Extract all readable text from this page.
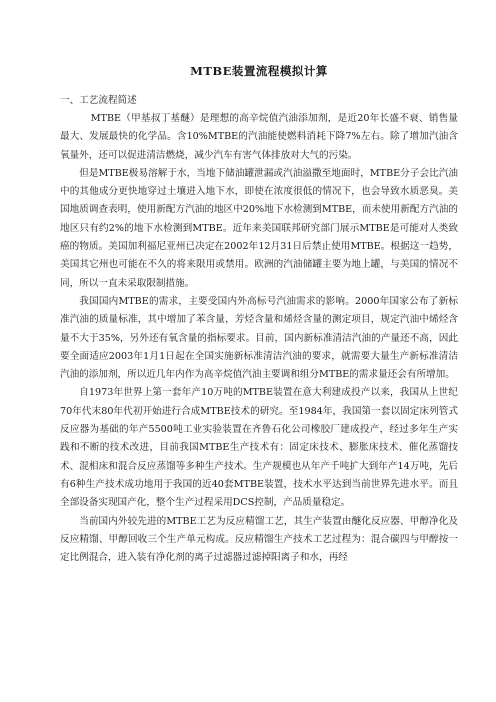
MTBE装置流程模拟计算

一、工艺流程简述

MTBE（甲基叔丁基醚）是理想的高辛烷值汽油添加剂，是近20年长盛不衰、销售量最大、发展最快的化学品。含10%MTBE的汽油能使燃料消耗下降7%左右。除了增加汽油含氧量外，还可以促进清洁燃烧，减少汽车有害气体排放对大气的污染。

但是MTBE极易溶解于水，当地下储油罐泄漏或汽油溢撒至地面时，MTBE分子会比汽油中的其他成分更快地穿过土壤进入地下水，即使在浓度很低的情况下，也会导致水质恶臭。美国地质调查表明，使用新配方汽油的地区中20%地下水检测到MTBE，而未使用新配方汽油的地区只有约2%的地下水检测到MTBE。近年来美国联邦研究部门展示MTBE是可能对人类致癌的物质。美国加利福尼亚州已决定在2002年12月31日后禁止使用MTBE。根据这一趋势，美国其它州也可能在不久的将来限用或禁用。欧洲的汽油储罐主要为地上罐，与美国的情况不同，所以一直未采取限制措施。

我国国内MTBE的需求，主要受国内外高标号汽油需求的影响。2000年国家公布了新标准汽油的质量标准，其中增加了苯含量，芳烃含量和烯烃含量的测定项目，规定汽油中烯烃含量不大于35%，另外还有氧含量的指标要求。目前，国内新标准清洁汽油的产量还不高，因此要全面适应2003年1月1日起在全国实施新标准清洁汽油的要求，就需要大量生产新标准清洁汽油的添加剂，所以近几年内作为高辛烷值汽油主要调和组分MTBE的需求量还会有所增加。

自1973年世界上第一套年产10万吨的MTBE装置在意大利建成投产以来，我国从上世纪70年代末80年代初开始进行合成MTBE技术的研究。至1984年，我国第一套以固定床列管式反应器为基础的年产5500吨工业实验装置在齐鲁石化公司橡胶厂建成投产，经过多年生产实践和不断的技术改进，目前我国MTBE生产技术有：固定床技术、膨胀床技术、催化蒸馏技术、混相床和混合反应蒸馏等多种生产技术。生产规模也从年产千吨扩大到年产14万吨，先后有6种生产技术成功地用于我国的近40套MTBE装置，技术水平达到当前世界先进水平。而且全部设备实现国产化，整个生产过程采用DCS控制，产品质量稳定。

当前国内外较先进的MTBE工艺为反应精馏工艺，其生产装置由醚化反应器、甲醇净化及反应精馏、甲醇回收三个生产单元构成。反应精馏生产技术工艺过程为：混合碳四与甲醇按一定比例混合，进入装有净化剂的离子过滤器过滤掉阳离子和水，再经
